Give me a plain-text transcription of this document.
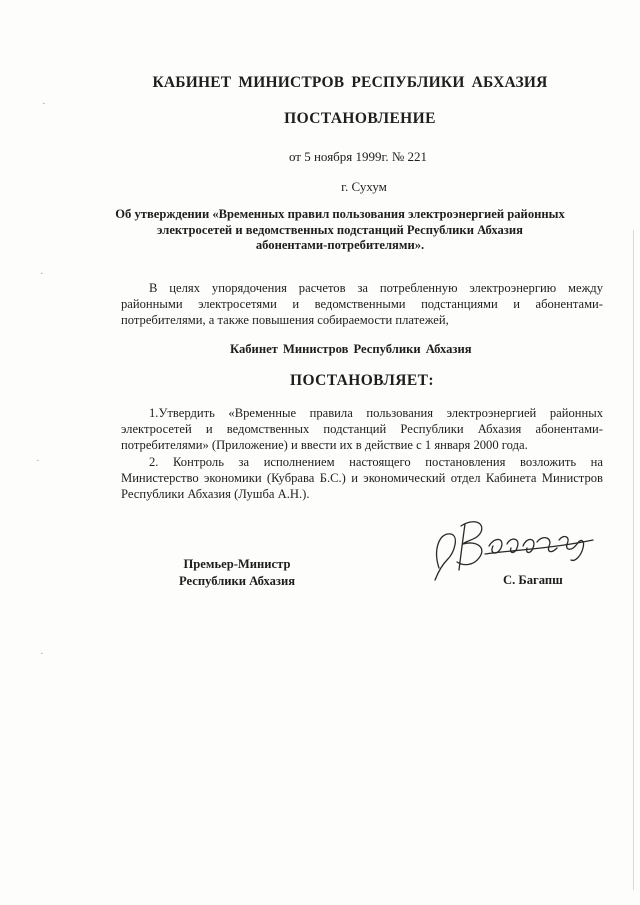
КАБИНЕТ МИНИСТРОВ РЕСПУБЛИКИ АБХАЗИЯ
ПОСТАНОВЛЕНИЕ
от 5 ноября 1999г. № 221
г. Сухум
Об утверждении «Временных правил пользования электроэнергией районных
электросетей и ведомственных подстанций Республики Абхазия
абонентами-потребителями».
В целях упорядочения расчетов за потребленную электроэнергию между
районными электросетями и ведомственными подстанциями и абонентами-
потребителями, а также повышения собираемости платежей,
Кабинет Министров Республики Абхазия
ПОСТАНОВЛЯЕТ:
1.Утвердить «Временные правила пользования электроэнергией районных
электросетей и ведомственных подстанций Республики Абхазия абонентами-
потребителями» (Приложение) и ввести их в действие с 1 января 2000 года.
2. Контроль за исполнением настоящего постановления возложить на
Министерство экономики (Кубрава Б.С.) и экономический отдел Кабинета Министров
Республики Абхазия (Лушба А.Н.).
Премьер-Министр
Республики Абхазия	С. Багапш
·
·
·
·
